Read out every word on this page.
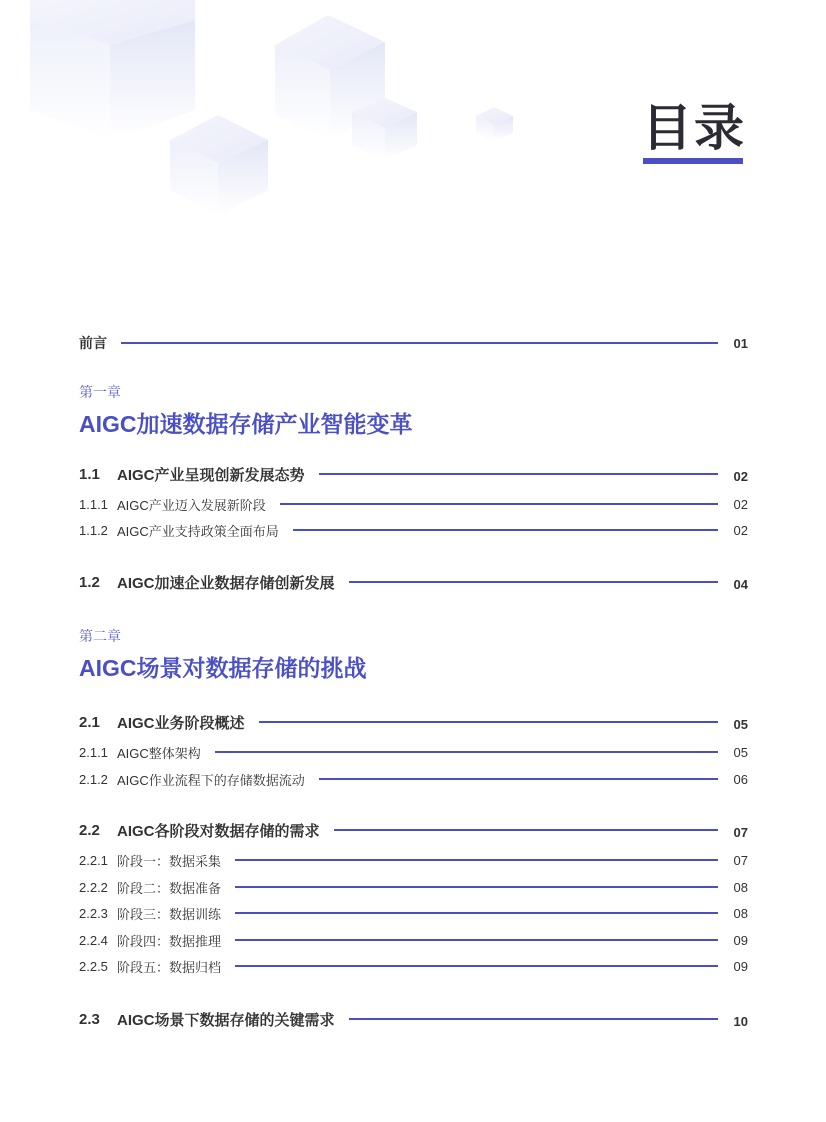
目录
前言	01
第一章
AIGC加速数据存储产业智能变革
1.1	AIGC产业呈现创新发展态势	02
1.1.1 AIGC产业迈入发展新阶段	02
1.1.2 AIGC产业支持政策全面布局	02
1.2	AIGC加速企业数据存储创新发展	04
第二章
AIGC场景对数据存储的挑战
2.1	AIGC业务阶段概述	05
2.1.1 AIGC整体架构	05
2.1.2 AIGC作业流程下的存储数据流动	06
2.2	AIGC各阶段对数据存储的需求	07
2.2.1 阶段一：数据采集	07
2.2.2 阶段二：数据准备	08
2.2.3 阶段三：数据训练	08
2.2.4 阶段四：数据推理	09
2.2.5 阶段五：数据归档	09
2.3	AIGC场景下数据存储的关键需求	10
